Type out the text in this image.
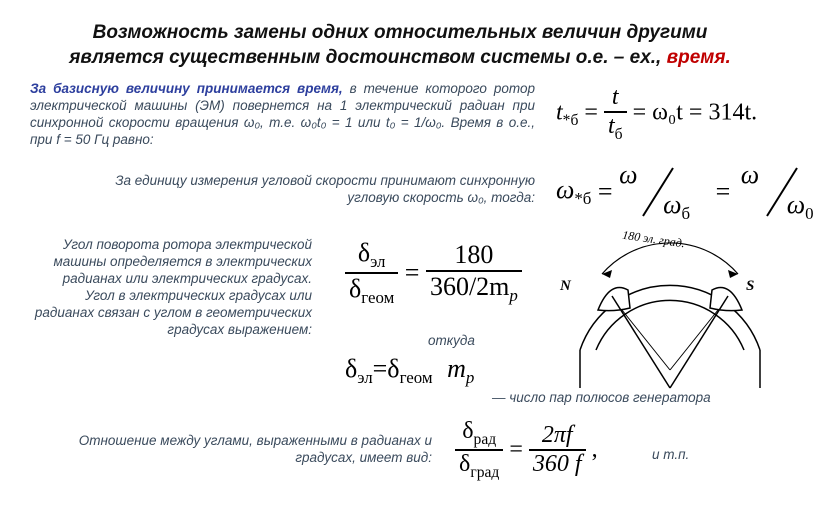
Возможность замены одних относительных величин другими
является существенным достоинством системы о.е. – ex., время.
За базисную величину принимается время, в течение которого ротор электрической машины (ЭМ) повернется на 1 электрический радиан при синхронной скорости вращения ω₀, т.е. ω₀t₀ = 1 или t₀ = 1/ω₀. Время в о.е., при f = 50 Гц равно:
$t_{*б} = \frac{t}{t_б} = \omega_0t = 314t$.
За единицу измерения угловой скорости принимают синхронную угловую скорость ω₀, тогда: $\omega_{*б}$ =
ω
$\omega_б$
=
ω
$\omega_0$
Угол поворота ротора электрической машины определяется в электрических радианах или электрических градусах. Угол в электрических градусах или радианах связан с углом в геометрических градусах выражением:
$\frac{\delta_{эл}}{\delta_{геом}} = \frac{180}{360/2m_p}$
откуда
$\delta_{эл}=\delta_{геом}$ $m_p$
180 эл. град.
N	S
— число пар полюсов генератора
Отношение между углами, выраженными в радианах и градусах, имеет вид: $\frac{\delta_{рад}}{\delta_{град}} = \frac{2\pi f}{360 f}$ ,	и т.п.
